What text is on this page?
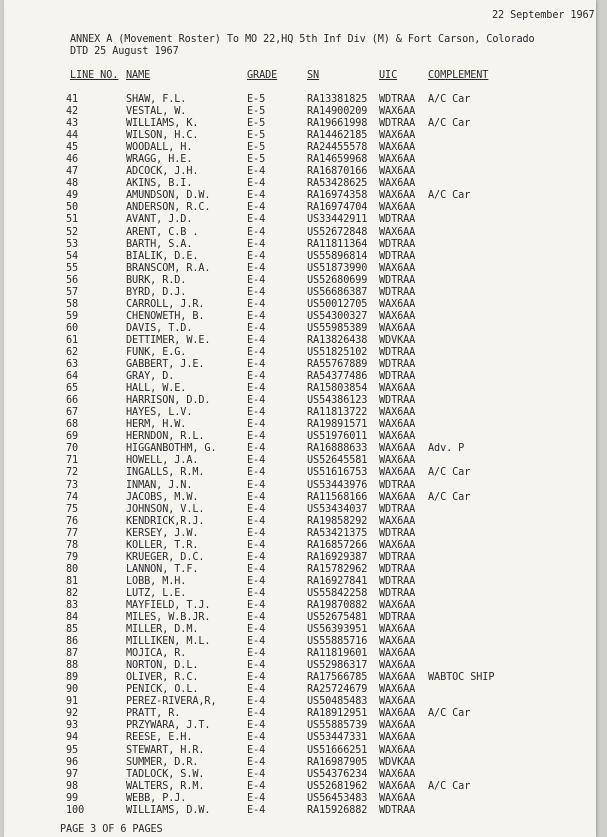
22 September 1967
ANNEX A (Movement Roster) To MO 22,HQ 5th Inf Div (M) & Fort Carson, Colorado
DTD 25 August 1967
LINE NO. NAME	GRADE	SN	UIC	COMPLEMENT
41	SHAW, F.L.	E-5	RA13381825 WDTRAA A/C Car
42	VESTAL, W.	E-5	RA14900209 WAX6AA
43	WILLIAMS, K.	E-5	RA19661998 WDTRAA A/C Car
44	WILSON, H.C.	E-5	RA14462185 WAX6AA
45	WOODALL, H.	E-5	RA24455578 WAX6AA
46	WRAGG, H.E.	E-5	RA14659968 WAX6AA
47	ADCOCK, J.H.	E-4	RA16870166 WAX6AA
48	AKINS, B.I.	E-4	RA53428625 WAX6AA
49	AMUNDSON, D.W.	E-4	RA16974358 WAX6AA A/C Car
50	ANDERSON, R.C.	E-4	RA16974704 WAX6AA
51	AVANT, J.D.	E-4	US33442911 WDTRAA
52	ARENT, C.B .	E-4	US52672848 WAX6AA
53	BARTH, S.A.	E-4	RA11811364 WDTRAA
54	BIALIK, D.E.	E-4	US55896814 WDTRAA
55	BRANSCOM, R.A.	E-4	US51873990 WAX6AA
56	BURK, R.D.	E-4	US52680699 WDTRAA
57	BYRD, D.J.	E-4	US56686387 WDTRAA
58	CARROLL, J.R.	E-4	US50012705 WAX6AA
59	CHENOWETH, B.	E-4	US54300327 WAX6AA
60	DAVIS, T.D.	E-4	US55985389 WAX6AA
61	DETTIMER, W.E.	E-4	RA13826438 WDVKAA
62	FUNK, E.G.	E-4	US51825102 WDTRAA
63	GABBERT, J.E.	E-4	RA55767889 WDTRAA
64	GRAY, D.	E-4	RA54377486 WDTRAA
65	HALL, W.E.	E-4	RA15803854 WAX6AA
66	HARRISON, D.D.	E-4	US54386123 WDTRAA
67	HAYES, L.V.	E-4	RA11813722 WAX6AA
68	HERM, H.W.	E-4	RA19891571 WAX6AA
69	HERNDON, R.L.	E-4	US51976011 WAX6AA
70	HIGGANBOTHM, G.	E-4	RA16888633 WAX6AA Adv. P
71	HOWELL, J.A.	E-4	US52645581 WAX6AA
72	INGALLS, R.M.	E-4	US51616753 WAX6AA A/C Car
73	INMAN, J.N.	E-4	US53443976 WDTRAA
74	JACOBS, M.W.	E-4	RA11568166 WAX6AA A/C Car
75	JOHNSON, V.L.	E-4	US53434037 WDTRAA
76	KENDRICK,R.J.	E-4	RA19858292 WAX6AA
77	KERSEY, J.W.	E-4	RA53421375 WDTRAA
78	KOLLER, T.R.	E-4	RA16857266 WAX6AA
79	KRUEGER, D.C.	E-4	RA16929387 WDTRAA
80	LANNON, T.F.	E-4	RA15782962 WDTRAA
81	LOBB, M.H.	E-4	RA16927841 WDTRAA
82	LUTZ, L.E.	E-4	US55842258 WDTRAA
83	MAYFIELD, T.J.	E-4	RA19870882 WAX6AA
84	MILES, W.B.JR.	E-4	US52675481 WDTRAA
85	MILLER, D.M.	E-4	US56393951 WAX6AA
86	MILLIKEN, M.L.	E-4	US55885716 WAX6AA
87	MOJICA, R.	E-4	RA11819601 WAX6AA
88	NORTON, D.L.	E-4	US52986317 WAX6AA
89	OLIVER, R.C.	E-4	RA17566785 WAX6AA WABTOC SHIP
90	PENICK, O.L.	E-4	RA25724679 WAX6AA
91	PEREZ-RIVERA,R,	E-4	US50485483 WAX6AA
92	PRATT, R.	E-4	RA18912951 WAX6AA A/C Car
93	PRZYWARA, J.T.	E-4	US55885739 WAX6AA
94	REESE, E.H.	E-4	US53447331 WAX6AA
95	STEWART, H.R.	E-4	US51666251 WAX6AA
96	SUMMER, D.R.	E-4	RA16987905 WDVKAA
97	TADLOCK, S.W.	E-4	US54376234 WAX6AA
98	WALTERS, R.M.	E-4	US52681962 WAX6AA A/C Car
99	WEBB, P.J.	E-4	US56453483 WAX6AA
100	WILLIAMS, D.W.	E-4	RA15926882 WDTRAA
PAGE 3 OF 6 PAGES
